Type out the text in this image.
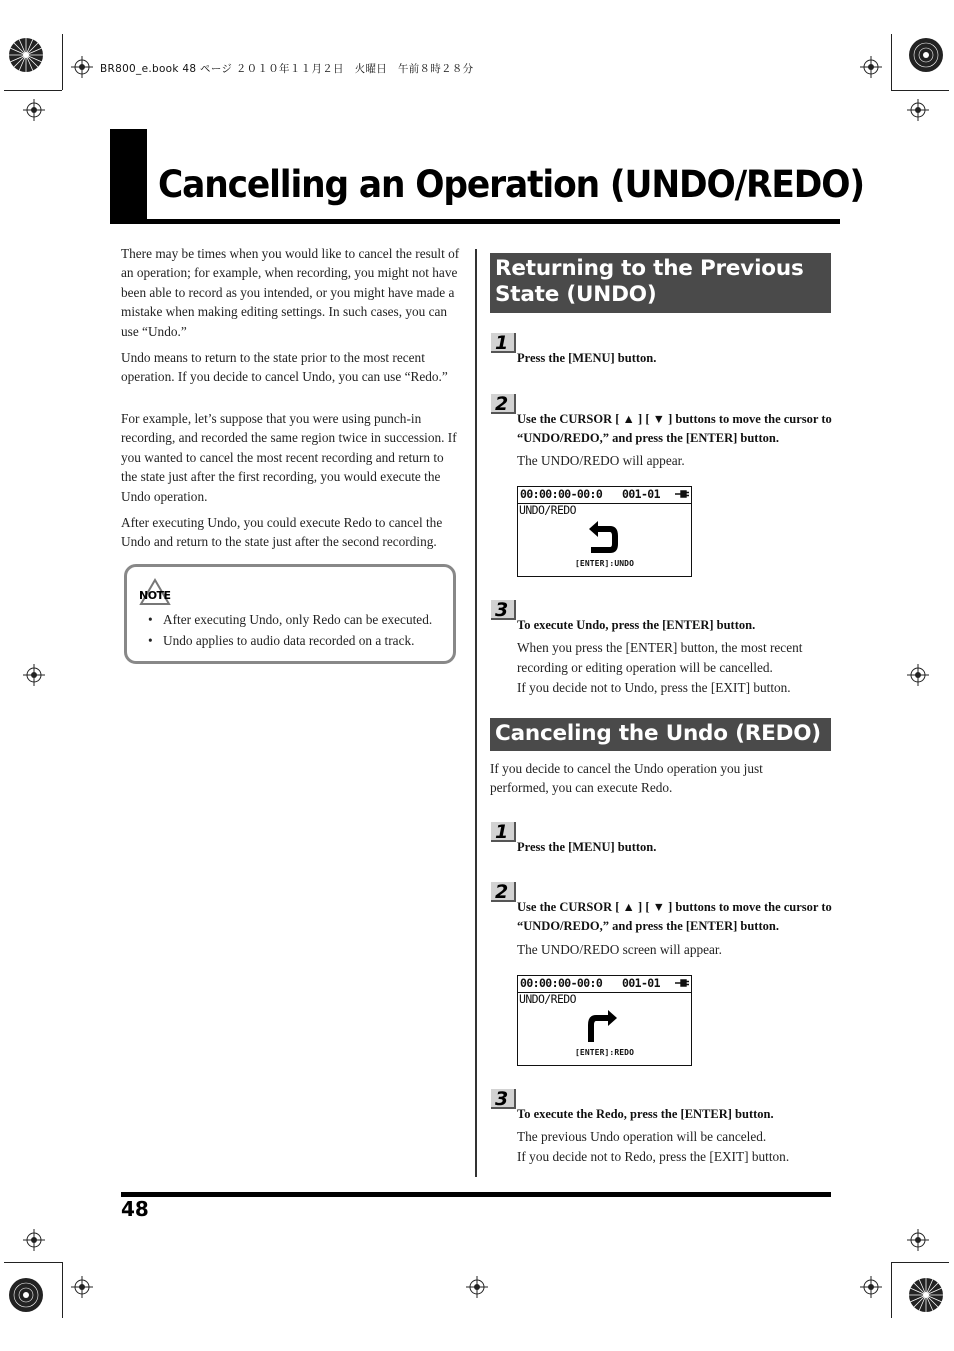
BR800_e.book 48 ページ ２０１０年１１月２日　火曜日　午前８時２８分
Cancelling an Operation (UNDO/REDO)

There may be times when you would like to cancel the result of an operation; for example, when recording, you might not have been able to record as you intended, or you might have made a mistake when making editing settings. In such cases, you can use “Undo.”

Undo means to return to the state prior to the most recent operation. If you decide to cancel Undo, you can use “Redo.”

For example, let’s suppose that you were using punch-in recording, and recorded the same region twice in succession. If you wanted to cancel the most recent recording and return to the state just after the first recording, you would execute the Undo operation.

After executing Undo, you could execute Redo to cancel the Undo and return to the state just after the second recording.

NOTE
• After executing Undo, only Redo can be executed.
• Undo applies to audio data recorded on a track.
Returning to the Previous State (UNDO)
1
Press the [MENU] button.
2
Use the CURSOR [ ▲ ] [ ▼ ] buttons to move the cursor to “UNDO/REDO,” and press the [ENTER] button.

The UNDO/REDO will appear.

00:00:00-00:0 001-01
UNDO/REDO
[ENTER]:UNDO
3
To execute Undo, press the [ENTER] button.

When you press the [ENTER] button, the most recent recording or editing operation will be cancelled.

If you decide not to Undo, press the [EXIT] button.

Canceling the Undo (REDO)
If you decide to cancel the Undo operation you just performed, you can execute Redo.
1
Press the [MENU] button.
2
Use the CURSOR [ ▲ ] [ ▼ ] buttons to move the cursor to “UNDO/REDO,” and press the [ENTER] button.

The UNDO/REDO screen will appear.

00:00:00-00:0 001-01
UNDO/REDO
[ENTER]:REDO
3
To execute the Redo, press the [ENTER] button.

The previous Undo operation will be canceled.

If you decide not to Redo, press the [EXIT] button.

48
